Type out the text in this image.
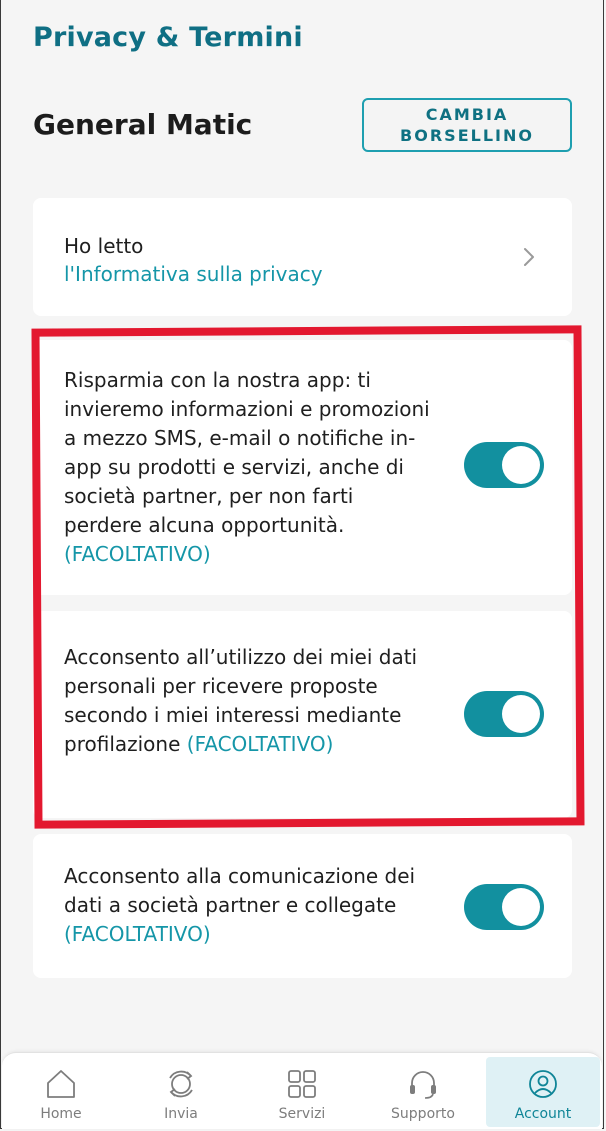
Privacy & Termini
General Matic	CAMBIA
BORSELLINO
Ho letto
l'Informativa sulla privacy
Risparmia con la nostra app: ti invieremo informazioni e promozioni a mezzo SMS, e-mail o notifiche in-app su prodotti e servizi, anche di società partner, per non farti perdere alcuna opportunità. (FACOLTATIVO)
Acconsento all’utilizzo dei miei dati personali per ricevere proposte secondo i miei interessi mediante profilazione (FACOLTATIVO)
Acconsento alla comunicazione dei dati a società partner e collegate (FACOLTATIVO)
Home	Invia	Servizi	Supporto	Account
